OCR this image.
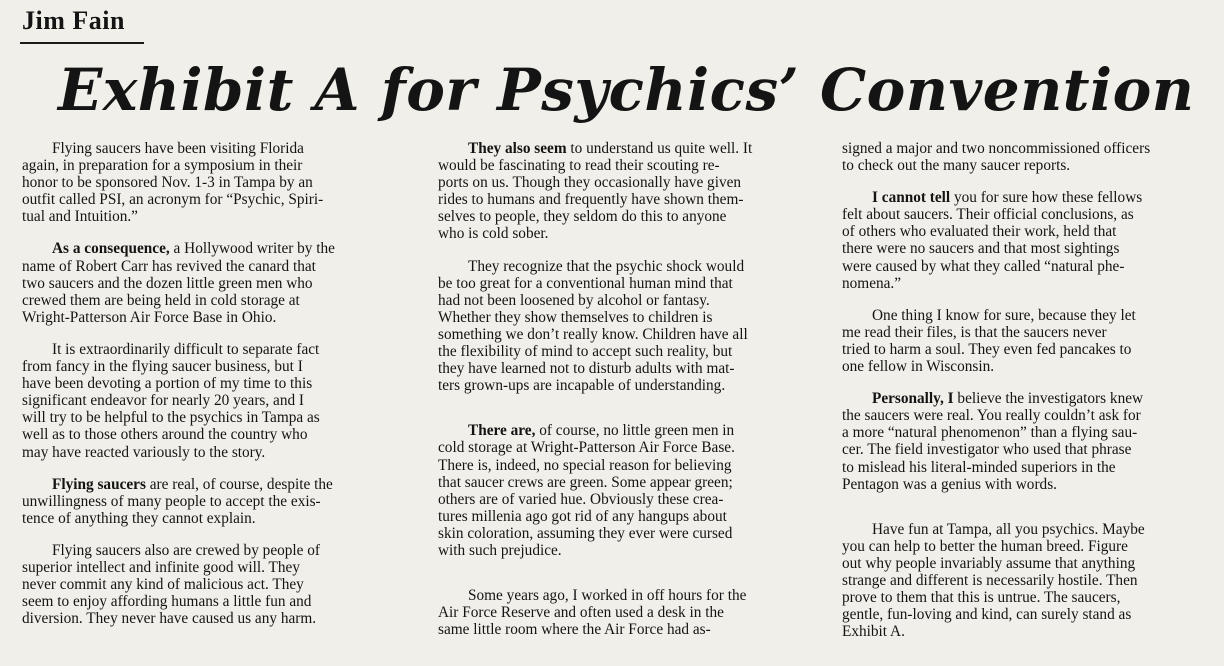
Jim Fain
Exhibit A for Psychics’ Convention

Flying saucers have been visiting Florida
again, in preparation for a symposium in their
honor to be sponsored Nov. 1-3 in Tampa by an
outfit called PSI, an acronym for “Psychic, Spiri-
tual and Intuition.”

As a consequence, a Hollywood writer by the
name of Robert Carr has revived the canard that
two saucers and the dozen little green men who
crewed them are being held in cold storage at
Wright-Patterson Air Force Base in Ohio.

It is extraordinarily difficult to separate fact
from fancy in the flying saucer business, but I
have been devoting a portion of my time to this
significant endeavor for nearly 20 years, and I
will try to be helpful to the psychics in Tampa as
well as to those others around the country who
may have reacted variously to the story.

Flying saucers are real, of course, despite the
unwillingness of many people to accept the exis-
tence of anything they cannot explain.

Flying saucers also are crewed by people of
superior intellect and infinite good will. They
never commit any kind of malicious act. They
seem to enjoy affording humans a little fun and
diversion. They never have caused us any harm.

They also seem to understand us quite well. It
would be fascinating to read their scouting re-
ports on us. Though they occasionally have given
rides to humans and frequently have shown them-
selves to people, they seldom do this to anyone
who is cold sober.

They recognize that the psychic shock would
be too great for a conventional human mind that
had not been loosened by alcohol or fantasy.
Whether they show themselves to children is
something we don’t really know. Children have all
the flexibility of mind to accept such reality, but
they have learned not to disturb adults with mat-
ters grown-ups are incapable of understanding.

There are, of course, no little green men in
cold storage at Wright-Patterson Air Force Base.
There is, indeed, no special reason for believing
that saucer crews are green. Some appear green;
others are of varied hue. Obviously these crea-
tures millenia ago got rid of any hangups about
skin coloration, assuming they ever were cursed
with such prejudice.

Some years ago, I worked in off hours for the
Air Force Reserve and often used a desk in the
same little room where the Air Force had as-

signed a major and two noncommissioned officers
to check out the many saucer reports.

I cannot tell you for sure how these fellows
felt about saucers. Their official conclusions, as
of others who evaluated their work, held that
there were no saucers and that most sightings
were caused by what they called “natural phe-
nomena.”

One thing I know for sure, because they let
me read their files, is that the saucers never
tried to harm a soul. They even fed pancakes to
one fellow in Wisconsin.

Personally, I believe the investigators knew
the saucers were real. You really couldn’t ask for
a more “natural phenomenon” than a flying sau-
cer. The field investigator who used that phrase
to mislead his literal-minded superiors in the
Pentagon was a genius with words.

Have fun at Tampa, all you psychics. Maybe
you can help to better the human breed. Figure
out why people invariably assume that anything
strange and different is necessarily hostile. Then
prove to them that this is untrue. The saucers,
gentle, fun-loving and kind, can surely stand as
Exhibit A.
